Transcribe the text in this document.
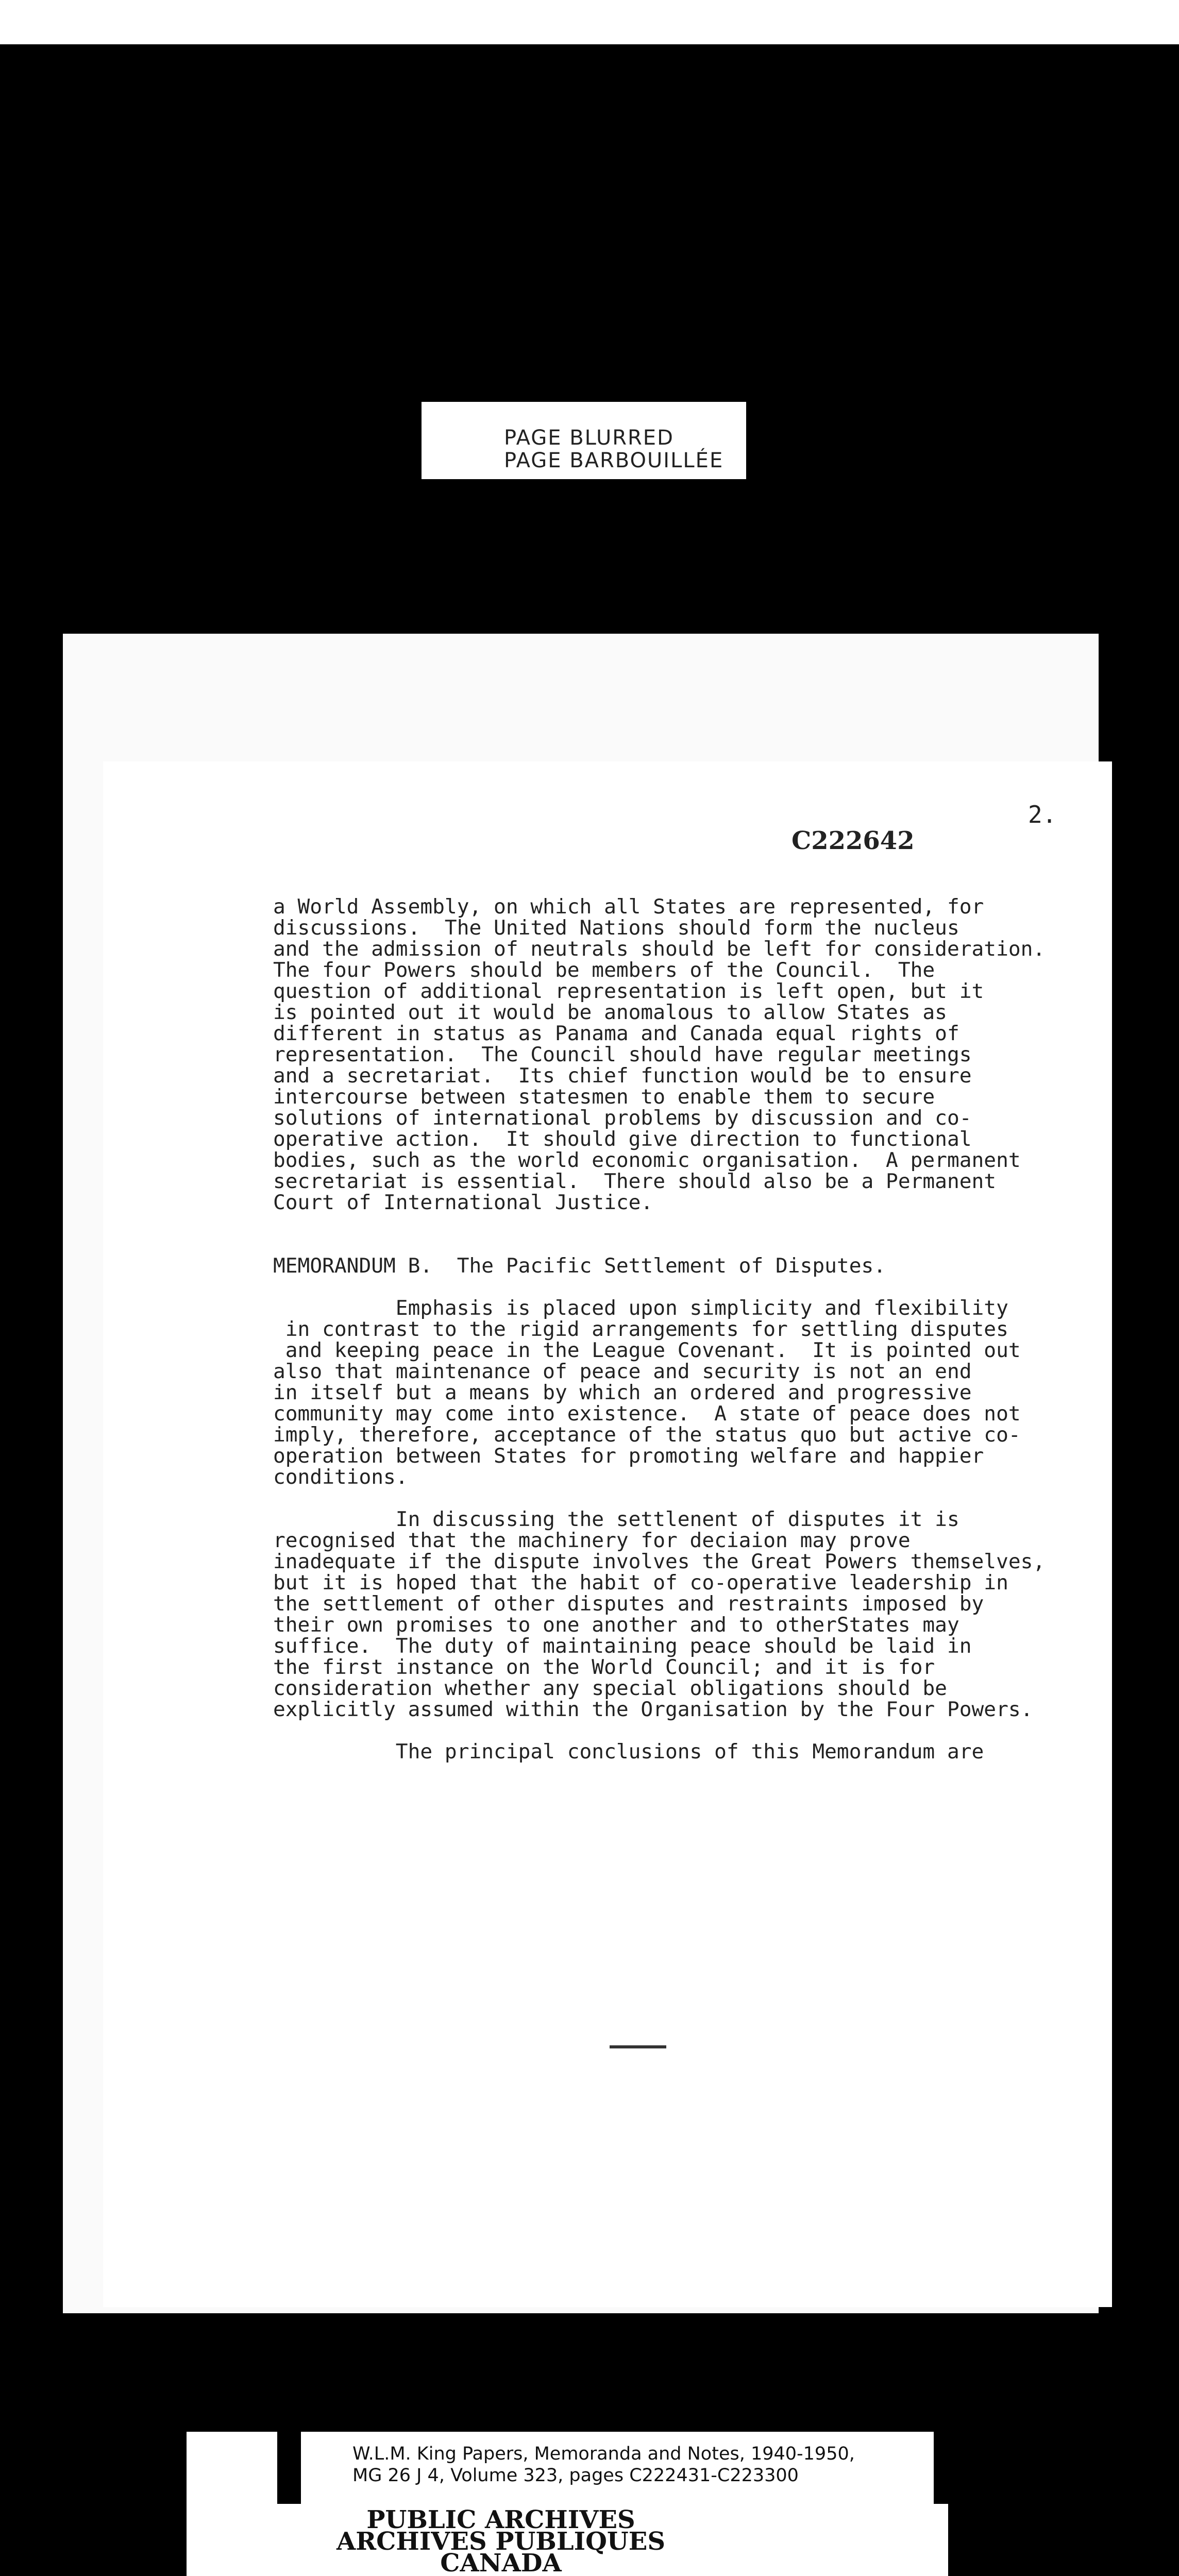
PAGE BLURRED
PAGE BARBOUILLÉE
2.
C222642
a World Assembly, on which all States are represented, for
discussions.  The United Nations should form the nucleus
and the admission of neutrals should be left for consideration.
The four Powers should be members of the Council.  The
question of additional representation is left open, but it
is pointed out it would be anomalous to allow States as
different in status as Panama and Canada equal rights of
representation.  The Council should have regular meetings
and a secretariat.  Its chief function would be to ensure
intercourse between statesmen to enable them to secure
solutions of international problems by discussion and co-
operative action.  It should give direction to functional
bodies, such as the world economic organisation.  A permanent
secretariat is essential.  There should also be a Permanent
Court of International Justice.

MEMORANDUM B.  The Pacific Settlement of Disputes.

Emphasis is placed upon simplicity and flexibility
in contrast to the rigid arrangements for settling disputes
and keeping peace in the League Covenant.  It is pointed out
also that maintenance of peace and security is not an end
in itself but a means by which an ordered and progressive
community may come into existence.  A state of peace does not
imply, therefore, acceptance of the status quo but active co-
operation between States for promoting welfare and happier
conditions.

In discussing the settlenent of disputes it is
recognised that the machinery for deciaion may prove
inadequate if the dispute involves the Great Powers themselves,
but it is hoped that the habit of co-operative leadership in
the settlement of other disputes and restraints imposed by
their own promises to one another and to otherStates may
suffice.  The duty of maintaining peace should be laid in
the first instance on the World Council; and it is for
consideration whether any special obligations should be
explicitly assumed within the Organisation by the Four Powers.

The principal conclusions of this Memorandum are
W.L.M. King Papers, Memoranda and Notes, 1940-1950,
MG 26 J 4, Volume 323, pages C222431-C223300
PUBLIC ARCHIVES
ARCHIVES PUBLIQUES
CANADA
